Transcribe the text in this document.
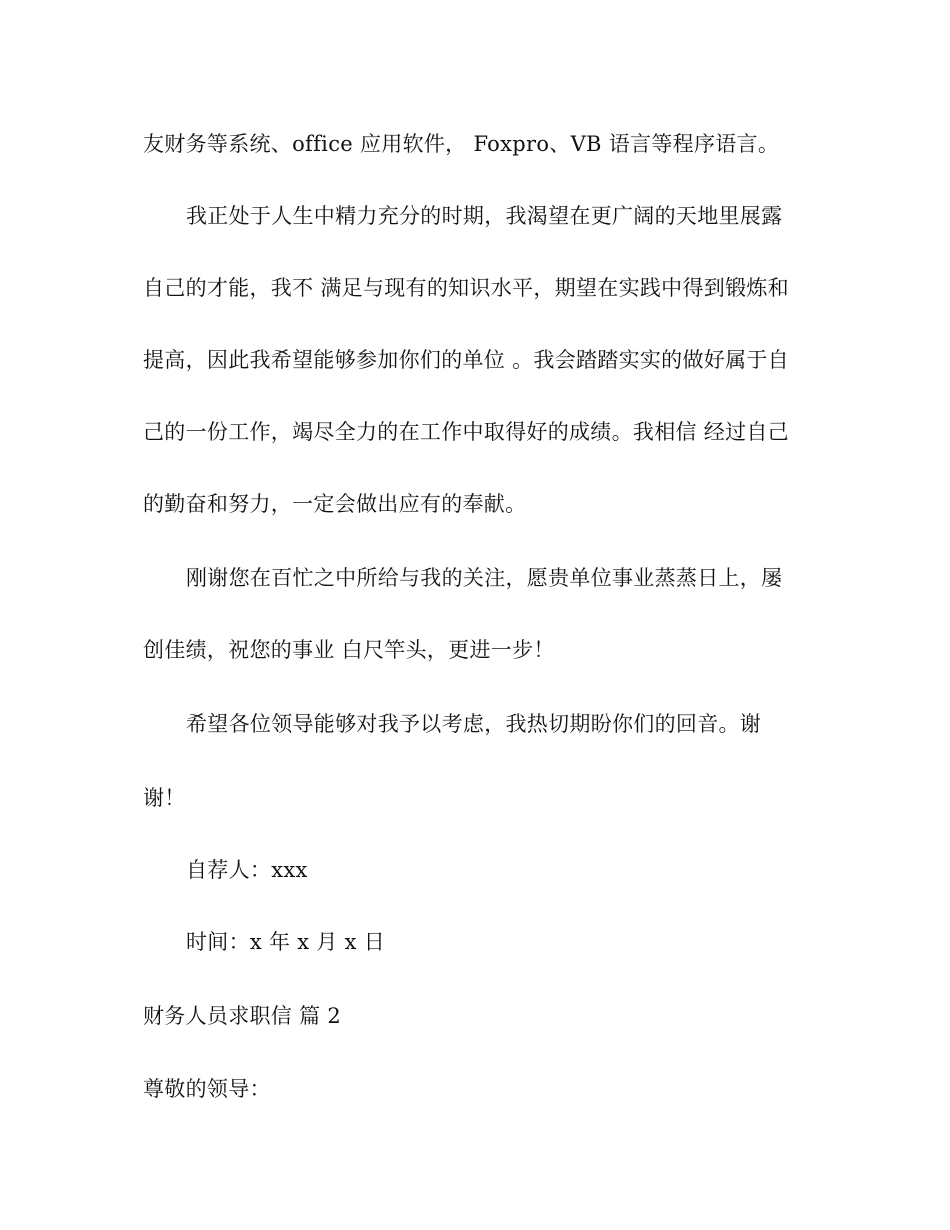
友财务等系统、office 应用软件， Foxpro、VB 语言等程序语言。
我正处于人生中精力充分的时期，我渴望在更广阔的天地里展露
自己的才能，我不 满足与现有的知识水平，期望在实践中得到锻炼和
提高，因此我希望能够参加你们的单位 。我会踏踏实实的做好属于自
己的一份工作，竭尽全力的在工作中取得好的成绩。我相信 经过自己
的勤奋和努力，一定会做出应有的奉献。
刚谢您在百忙之中所给与我的关注，愿贵单位事业蒸蒸日上，屡
创佳绩，祝您的事业 白尺竿头，更进一步！
希望各位领导能够对我予以考虑，我热切期盼你们的回音。谢
谢！
自荐人：xxx
时间：x 年 x 月 x 日
财务人员求职信 篇 2
尊敬的领导：
